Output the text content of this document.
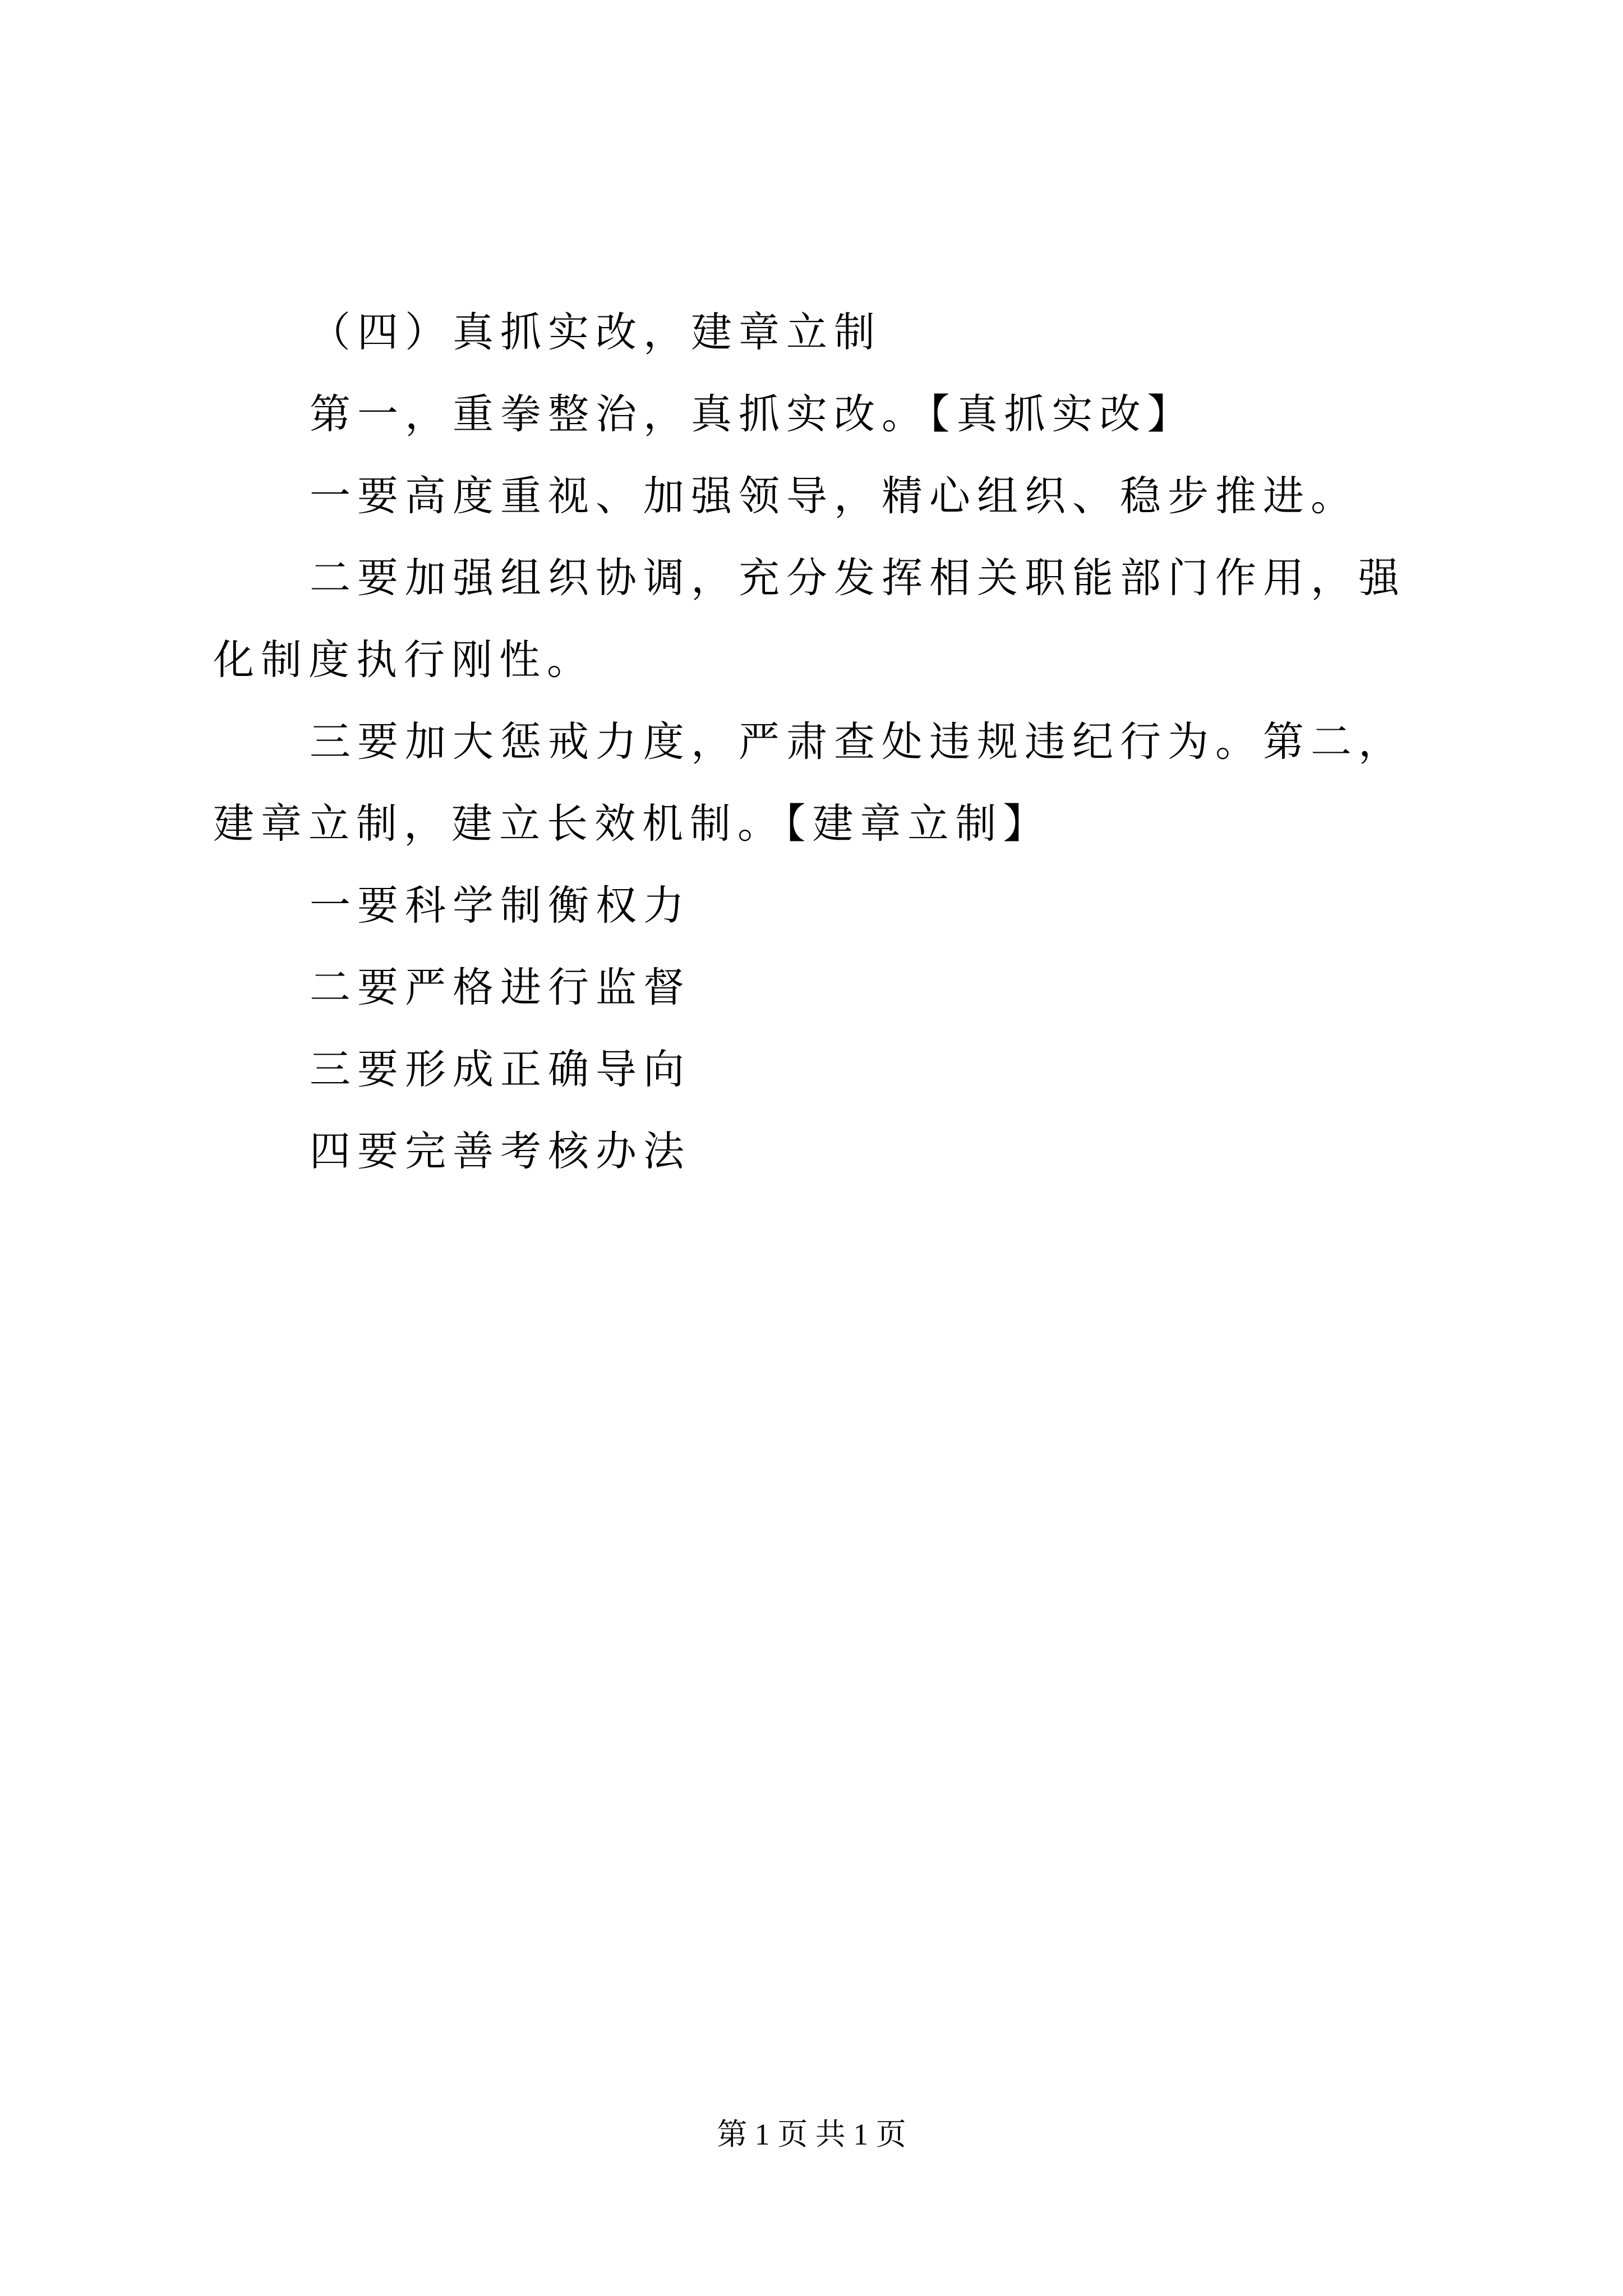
（四）真抓实改，建章立制

第一，重拳整治，真抓实改。【真抓实改】

一要高度重视、加强领导，精心组织、稳步推进。

二要加强组织协调，充分发挥相关职能部门作用，强化制度执行刚性。

三要加大惩戒力度，严肃查处违规违纪行为。第二，建章立制，建立长效机制。【建章立制】

一要科学制衡权力

二要严格进行监督

三要形成正确导向

四要完善考核办法

第 1 页 共 1 页
